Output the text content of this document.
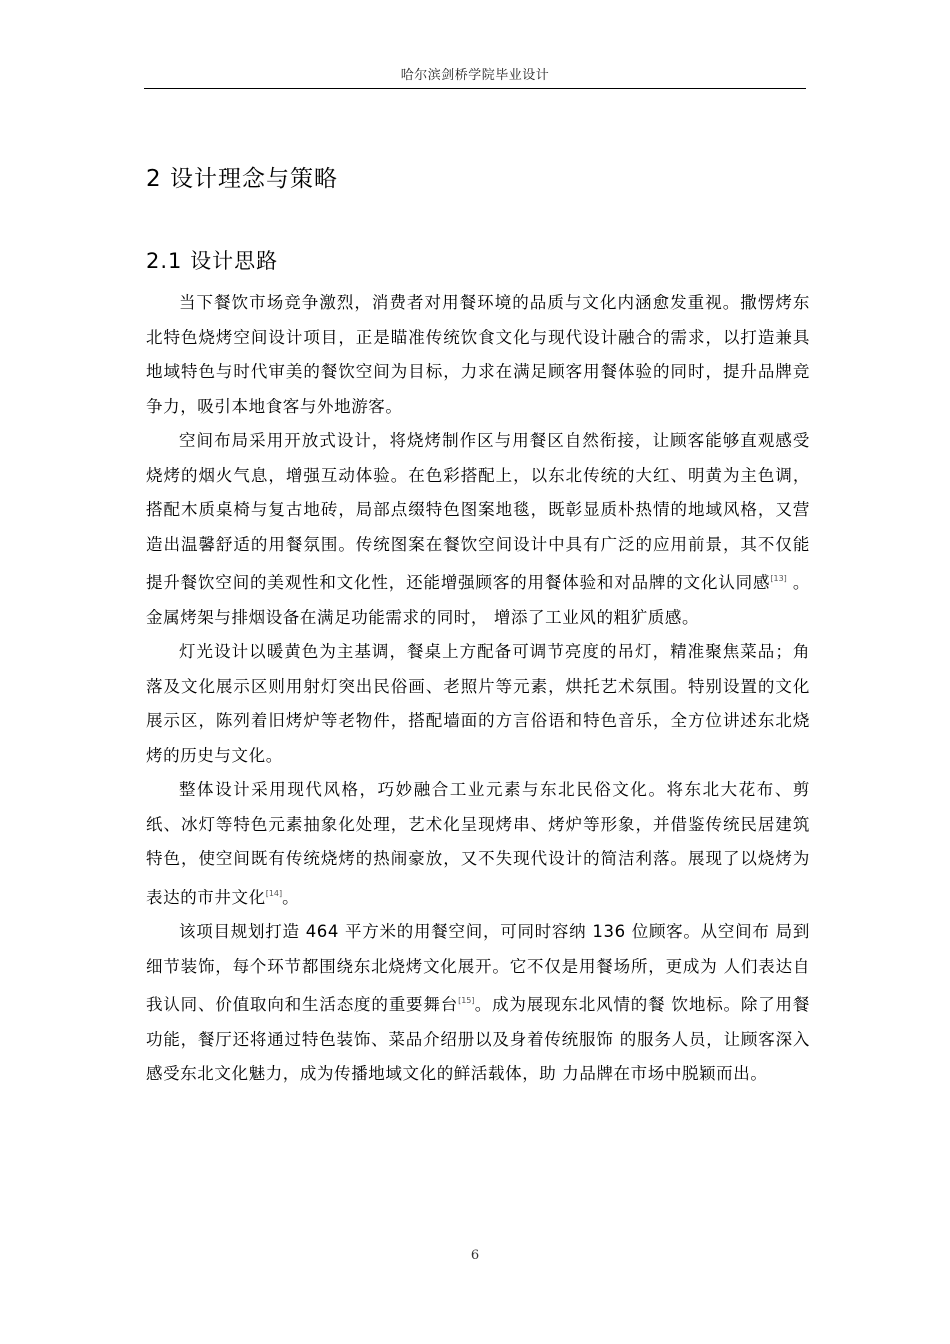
哈尔滨剑桥学院毕业设计
2 设计理念与策略
2.1 设计思路

当下餐饮市场竞争激烈，消费者对用餐环境的品质与文化内涵愈发重视。撒愣烤东北特色烧烤空间设计项目，正是瞄准传统饮食文化与现代设计融合的需求，以打造兼具地域特色与时代审美的餐饮空间为目标，力求在满足顾客用餐体验的同时，提升品牌竞争力，吸引本地食客与外地游客。

空间布局采用开放式设计，将烧烤制作区与用餐区自然衔接，让顾客能够直观感受烧烤的烟火气息，增强互动体验。在色彩搭配上，以东北传统的大红、明黄为主色调，搭配木质桌椅与复古地砖，局部点缀特色图案地毯，既彰显质朴热情的地域风格，又营造出温馨舒适的用餐氛围。传统图案在餐饮空间设计中具有广泛的应用前景，其不仅能提升餐饮空间的美观性和文化性，还能增强顾客的用餐体验和对品牌的文化认同感[13] 。金属烤架与排烟设备在满足功能需求的同时， 增添了工业风的粗犷质感。

灯光设计以暖黄色为主基调，餐桌上方配备可调节亮度的吊灯，精准聚焦菜品；角落及文化展示区则用射灯突出民俗画、老照片等元素，烘托艺术氛围。特别设置的文化展示区，陈列着旧烤炉等老物件，搭配墙面的方言俗语和特色音乐，全方位讲述东北烧烤的历史与文化。

整体设计采用现代风格，巧妙融合工业元素与东北民俗文化。将东北大花布、剪纸、冰灯等特色元素抽象化处理，艺术化呈现烤串、烤炉等形象，并借鉴传统民居建筑特色，使空间既有传统烧烤的热闹豪放，又不失现代设计的简洁利落。展现了以烧烤为表达的市井文化[14]。

该项目规划打造 464 平方米的用餐空间，可同时容纳 136 位顾客。从空间布 局到细节装饰，每个环节都围绕东北烧烤文化展开。它不仅是用餐场所，更成为 人们表达自我认同、价值取向和生活态度的重要舞台[15]。成为展现东北风情的餐 饮地标。除了用餐功能，餐厅还将通过特色装饰、菜品介绍册以及身着传统服饰 的服务人员，让顾客深入感受东北文化魅力，成为传播地域文化的鲜活载体，助 力品牌在市场中脱颖而出。

6
